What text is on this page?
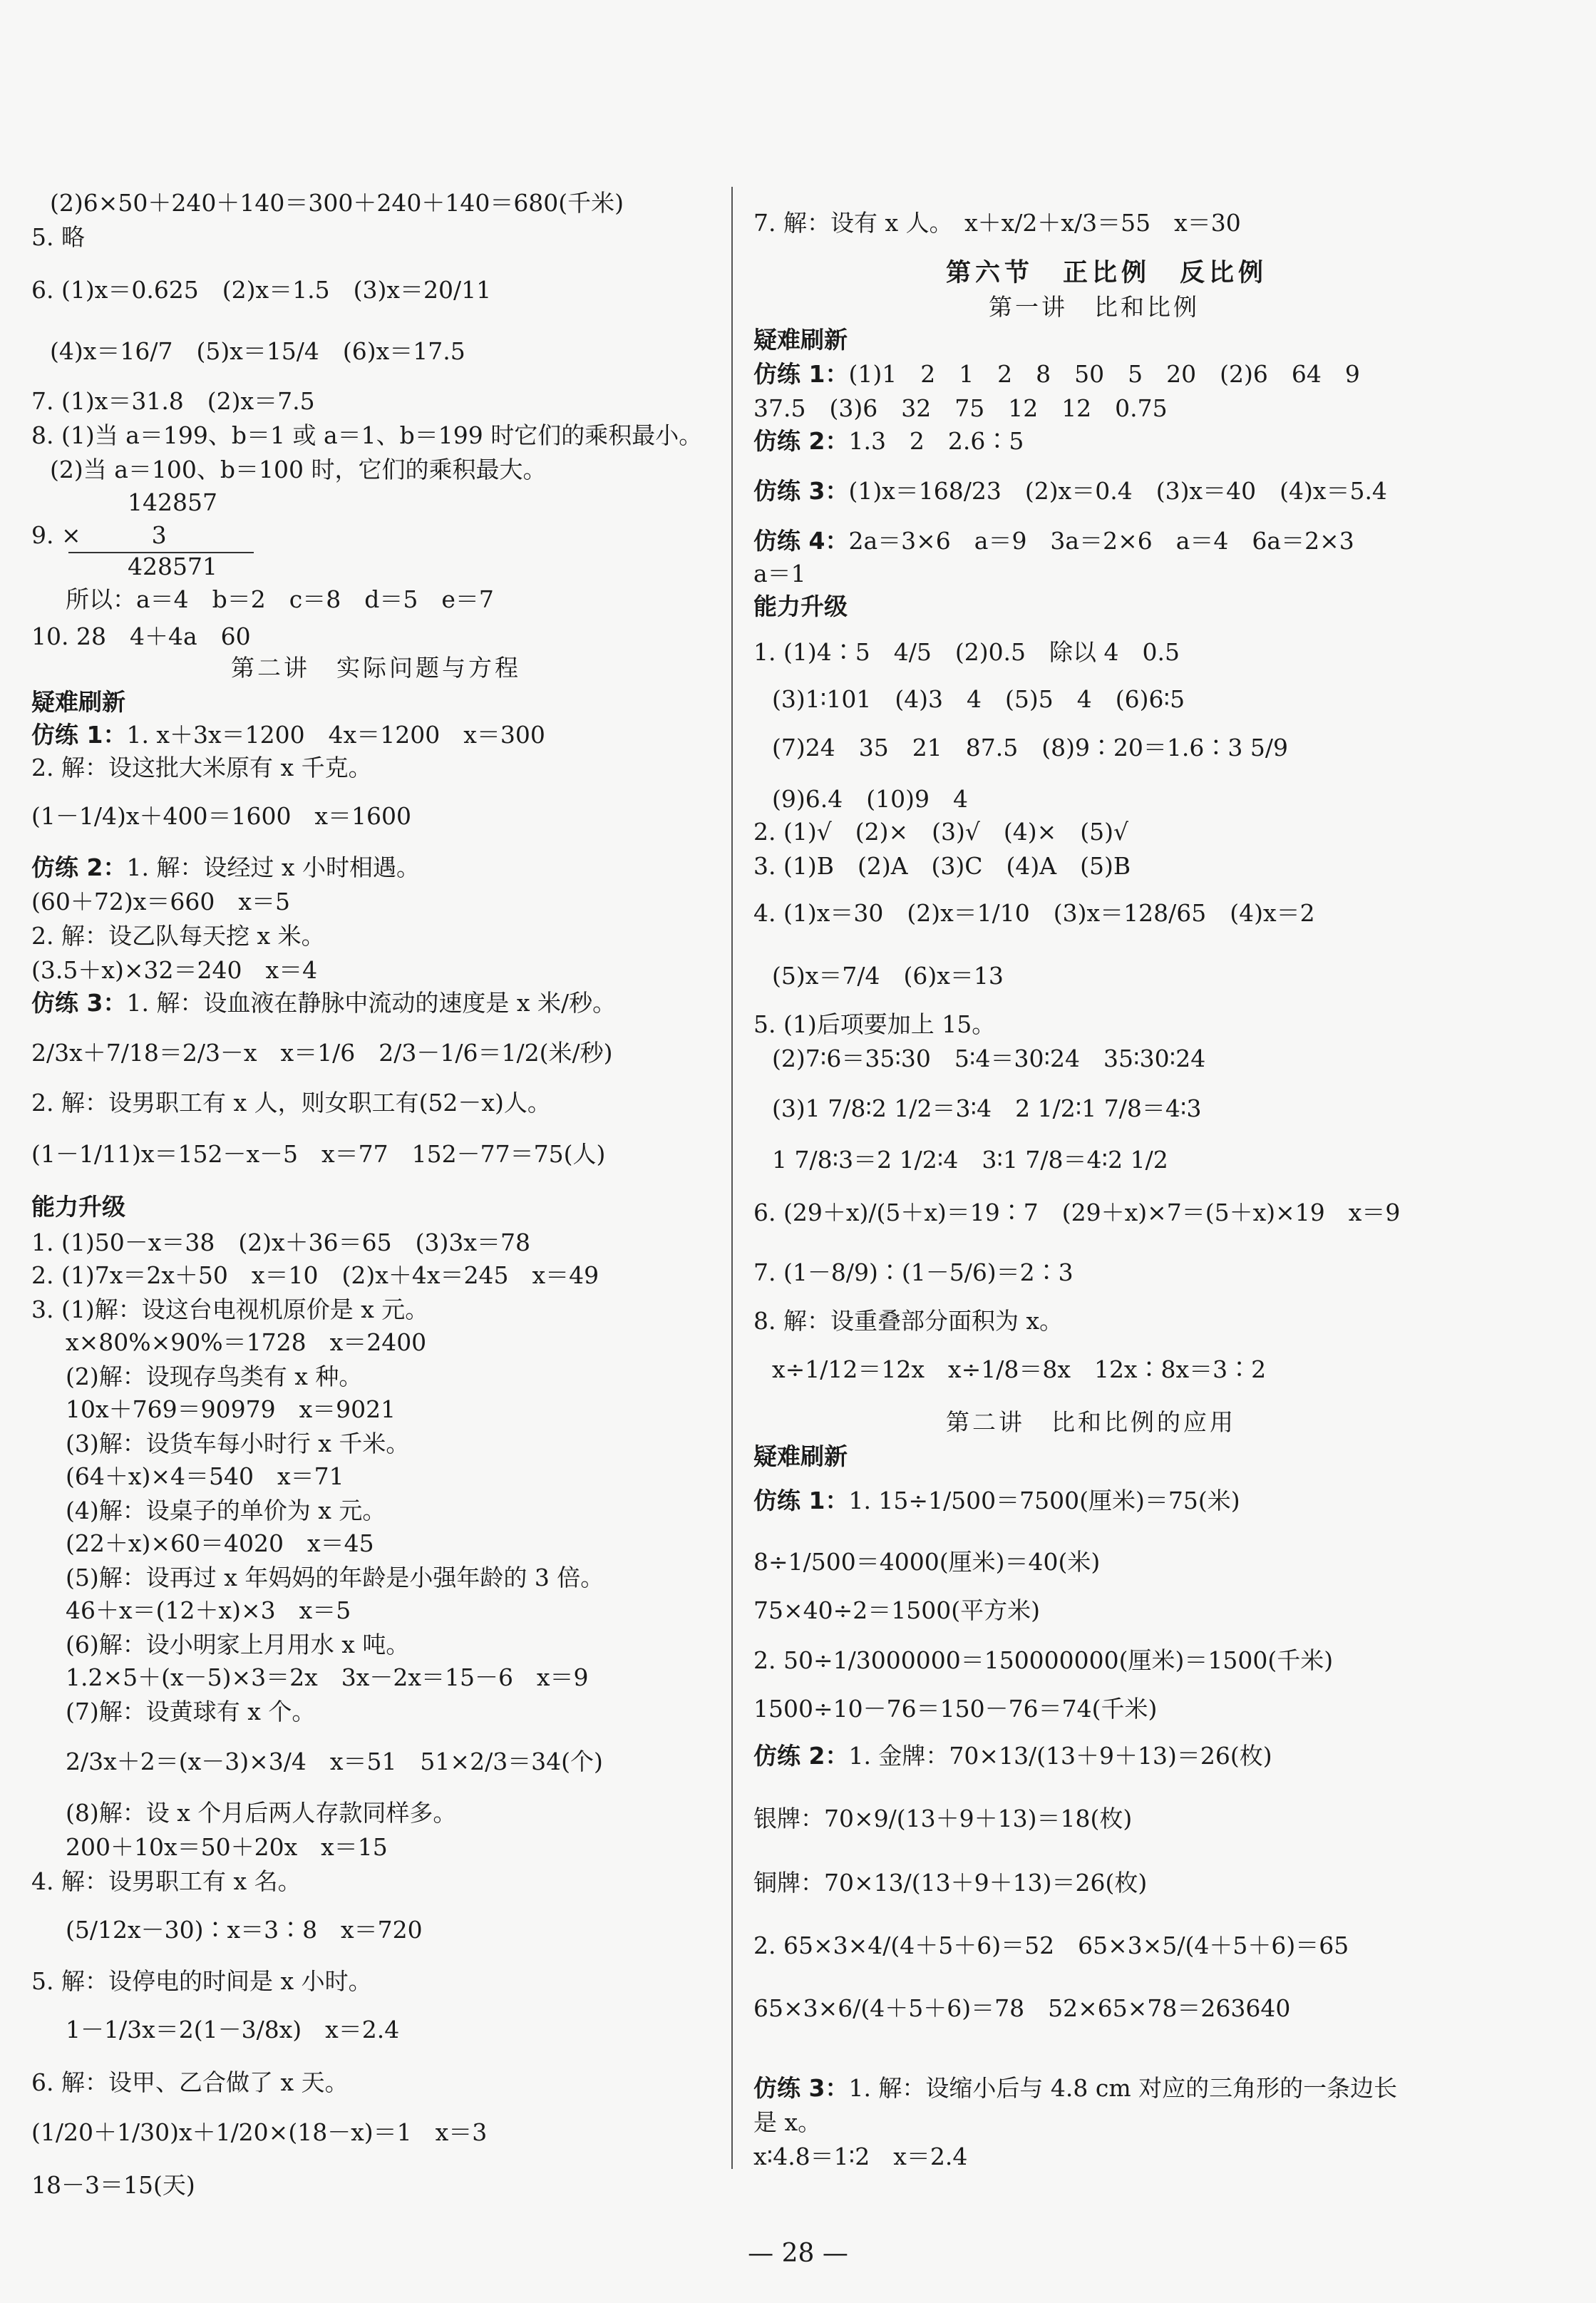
(2)6×50＋240＋140＝300＋240＋140＝680(千米)
5. 略
6. (1)x＝0.625　(2)x＝1.5　(3)x＝20/11
(4)x＝16/7　(5)x＝15/4　(6)x＝17.5
7. (1)x＝31.8　(2)x＝7.5
8. (1)当 a＝199、b＝1 或 a＝1、b＝199 时它们的乘积最小。
(2)当 a＝100、b＝100 时，它们的乘积最大。
142857
9. ×　　　3
428571
所以：a＝4　b＝2　c＝8　d＝5　e＝7
10. 28　4＋4a　60
第二讲　实际问题与方程
疑难刷新
仿练 1：1. x＋3x＝1200　4x＝1200　x＝300
2. 解：设这批大米原有 x 千克。
(1－1/4)x＋400＝1600　x＝1600
仿练 2：1. 解：设经过 x 小时相遇。
(60＋72)x＝660　x＝5
2. 解：设乙队每天挖 x 米。
(3.5＋x)×32＝240　x＝4
仿练 3：1. 解：设血液在静脉中流动的速度是 x 米/秒。
2/3x＋7/18＝2/3－x　x＝1/6　2/3－1/6＝1/2(米/秒)
2. 解：设男职工有 x 人，则女职工有(52－x)人。
(1－1/11)x＝152－x－5　x＝77　152－77＝75(人)
能力升级
1. (1)50－x＝38　(2)x＋36＝65　(3)3x＝78
2. (1)7x＝2x＋50　x＝10　(2)x＋4x＝245　x＝49
3. (1)解：设这台电视机原价是 x 元。
x×80%×90%＝1728　x＝2400
(2)解：设现存鸟类有 x 种。
10x＋769＝90979　x＝9021
(3)解：设货车每小时行 x 千米。
(64＋x)×4＝540　x＝71
(4)解：设桌子的单价为 x 元。
(22＋x)×60＝4020　x＝45
(5)解：设再过 x 年妈妈的年龄是小强年龄的 3 倍。
46＋x＝(12＋x)×3　x＝5
(6)解：设小明家上月用水 x 吨。
1.2×5＋(x－5)×3＝2x　3x－2x＝15－6　x＝9
(7)解：设黄球有 x 个。
2/3x＋2＝(x－3)×3/4　x＝51　51×2/3＝34(个)
(8)解：设 x 个月后两人存款同样多。
200＋10x＝50＋20x　x＝15
4. 解：设男职工有 x 名。
(5/12x－30)∶x＝3∶8　x＝720
5. 解：设停电的时间是 x 小时。
1－1/3x＝2(1－3/8x)　x＝2.4
6. 解：设甲、乙合做了 x 天。
(1/20＋1/30)x＋1/20×(18－x)＝1　x＝3
18－3＝15(天)
7. 解：设有 x 人。　x＋x/2＋x/3＝55　x＝30
第六节　正比例　反比例
第一讲　比和比例
疑难刷新
仿练 1：(1)1　2　1　2　8　50　5　20　(2)6　64　9
37.5　(3)6　32　75　12　12　0.75
仿练 2：1.3　2　2.6∶5
仿练 3：(1)x＝168/23　(2)x＝0.4　(3)x＝40　(4)x＝5.4
仿练 4：2a＝3×6　a＝9　3a＝2×6　a＝4　6a＝2×3
a＝1
能力升级
1. (1)4∶5　4/5　(2)0.5　除以 4　0.5
(3)1∶101　(4)3　4　(5)5　4　(6)6∶5
(7)24　35　21　87.5　(8)9∶20＝1.6∶3 5/9
(9)6.4　(10)9　4
2. (1)√　(2)×　(3)√　(4)×　(5)√
3. (1)B　(2)A　(3)C　(4)A　(5)B
4. (1)x＝30　(2)x＝1/10　(3)x＝128/65　(4)x＝2
(5)x＝7/4　(6)x＝13
5. (1)后项要加上 15。
(2)7∶6＝35∶30　5∶4＝30∶24　35∶30∶24
(3)1 7/8∶2 1/2＝3∶4　2 1/2∶1 7/8＝4∶3
1 7/8∶3＝2 1/2∶4　3∶1 7/8＝4∶2 1/2
6. (29＋x)/(5＋x)＝19∶7　(29＋x)×7＝(5＋x)×19　x＝9
7. (1－8/9)∶(1－5/6)＝2∶3
8. 解：设重叠部分面积为 x。
x÷1/12＝12x　x÷1/8＝8x　12x∶8x＝3∶2
第二讲　比和比例的应用
疑难刷新
仿练 1：1. 15÷1/500＝7500(厘米)＝75(米)
8÷1/500＝4000(厘米)＝40(米)
75×40÷2＝1500(平方米)
2. 50÷1/3000000＝150000000(厘米)＝1500(千米)
1500÷10－76＝150－76＝74(千米)
仿练 2：1. 金牌：70×13/(13＋9＋13)＝26(枚)
银牌：70×9/(13＋9＋13)＝18(枚)
铜牌：70×13/(13＋9＋13)＝26(枚)
2. 65×3×4/(4＋5＋6)＝52　65×3×5/(4＋5＋6)＝65
65×3×6/(4＋5＋6)＝78　52×65×78＝263640
仿练 3：1. 解：设缩小后与 4.8 cm 对应的三角形的一条边长
是 x。
x∶4.8＝1∶2　x＝2.4
— 28 —
